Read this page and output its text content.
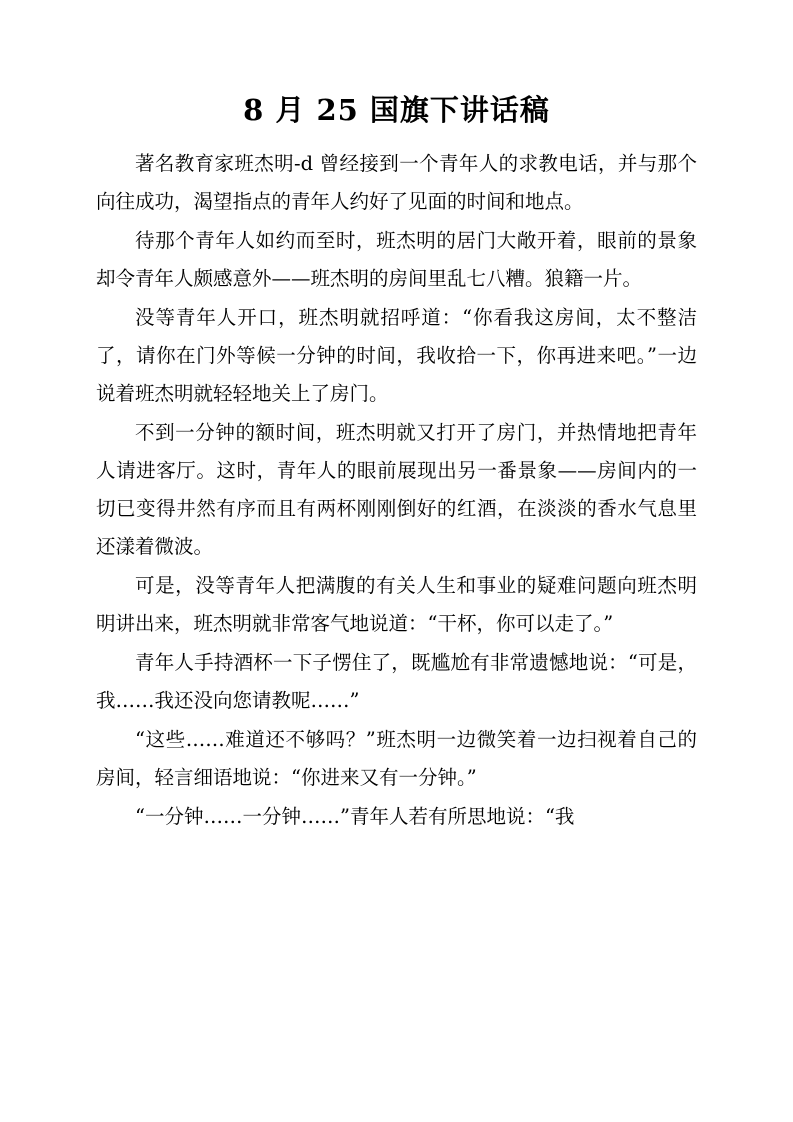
8 月 25 国旗下讲话稿

著名教育家班杰明-d 曾经接到一个青年人的求教电话，并与那个向往成功，渴望指点的青年人约好了见面的时间和地点。

待那个青年人如约而至时，班杰明的居门大敞开着，眼前的景象却令青年人颇感意外——班杰明的房间里乱七八糟。狼籍一片。

没等青年人开口，班杰明就招呼道：“你看我这房间，太不整洁了，请你在门外等候一分钟的时间，我收拾一下，你再进来吧。”一边说着班杰明就轻轻地关上了房门。

不到一分钟的额时间，班杰明就又打开了房门，并热情地把青年人请进客厅。这时，青年人的眼前展现出另一番景象——房间内的一切已变得井然有序而且有两杯刚刚倒好的红酒，在淡淡的香水气息里还漾着微波。

可是，没等青年人把满腹的有关人生和事业的疑难问题向班杰明明讲出来，班杰明就非常客气地说道：“干杯，你可以走了。”

青年人手持酒杯一下子愣住了，既尴尬有非常遗憾地说：“可是，我……我还没向您请教呢……”

“这些……难道还不够吗？”班杰明一边微笑着一边扫视着自己的房间，轻言细语地说：“你进来又有一分钟。”

“一分钟……一分钟……”青年人若有所思地说：“我
